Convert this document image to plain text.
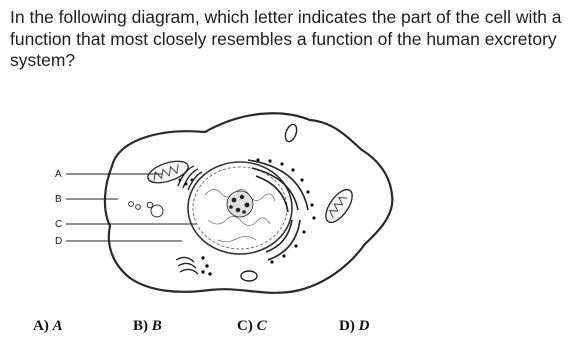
In the following diagram, which letter indicates the part of the cell with a function that most closely resembles a function of the human excretory system?
A
B
C
D
A) A	B) B	C) C	D) D
